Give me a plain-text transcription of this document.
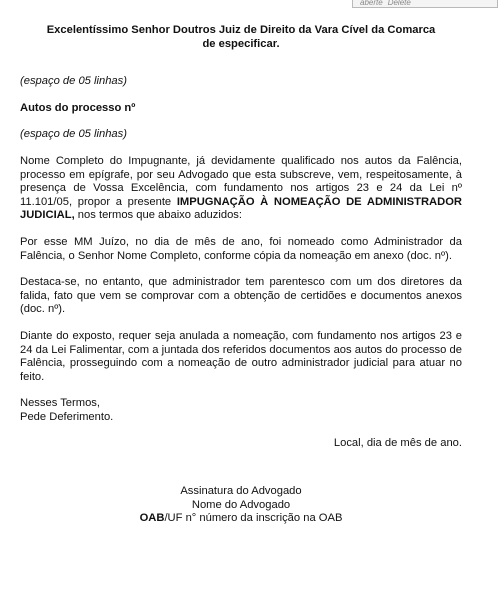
aberte Delete
Excelentíssimo Senhor Doutros Juiz de Direito da Vara Cível da Comarca
de especificar.
(espaço de 05 linhas)
Autos do processo nº
(espaço de 05 linhas)

Nome Completo do Impugnante, já devidamente qualificado nos autos da Falência, processo em epígrafe, por seu Advogado que esta subscreve, vem, respeitosamente, à presença de Vossa Excelência, com fundamento nos artigos 23 e 24 da Lei nº 11.101/05, propor a presente IMPUGNAÇÃO À NOMEAÇÃO DE ADMINISTRADOR JUDICIAL, nos termos que abaixo aduzidos:

Por esse MM Juízo, no dia de mês de ano, foi nomeado como Administrador da Falência, o Senhor Nome Completo, conforme cópia da nomeação em anexo (doc. nº).

Destaca-se, no entanto, que administrador tem parentesco com um dos diretores da falida, fato que vem se comprovar com a obtenção de certidões e documentos anexos (doc. nº).

Diante do exposto, requer seja anulada a nomeação, com fundamento nos artigos 23 e 24 da Lei Falimentar, com a juntada dos referidos documentos aos autos do processo de Falência, prosseguindo com a nomeação de outro administrador judicial para atuar no feito.

Nesses Termos,
Pede Deferimento.
Local, dia de mês de ano.
Assinatura do Advogado
Nome do Advogado
OAB/UF n° número da inscrição na OAB
